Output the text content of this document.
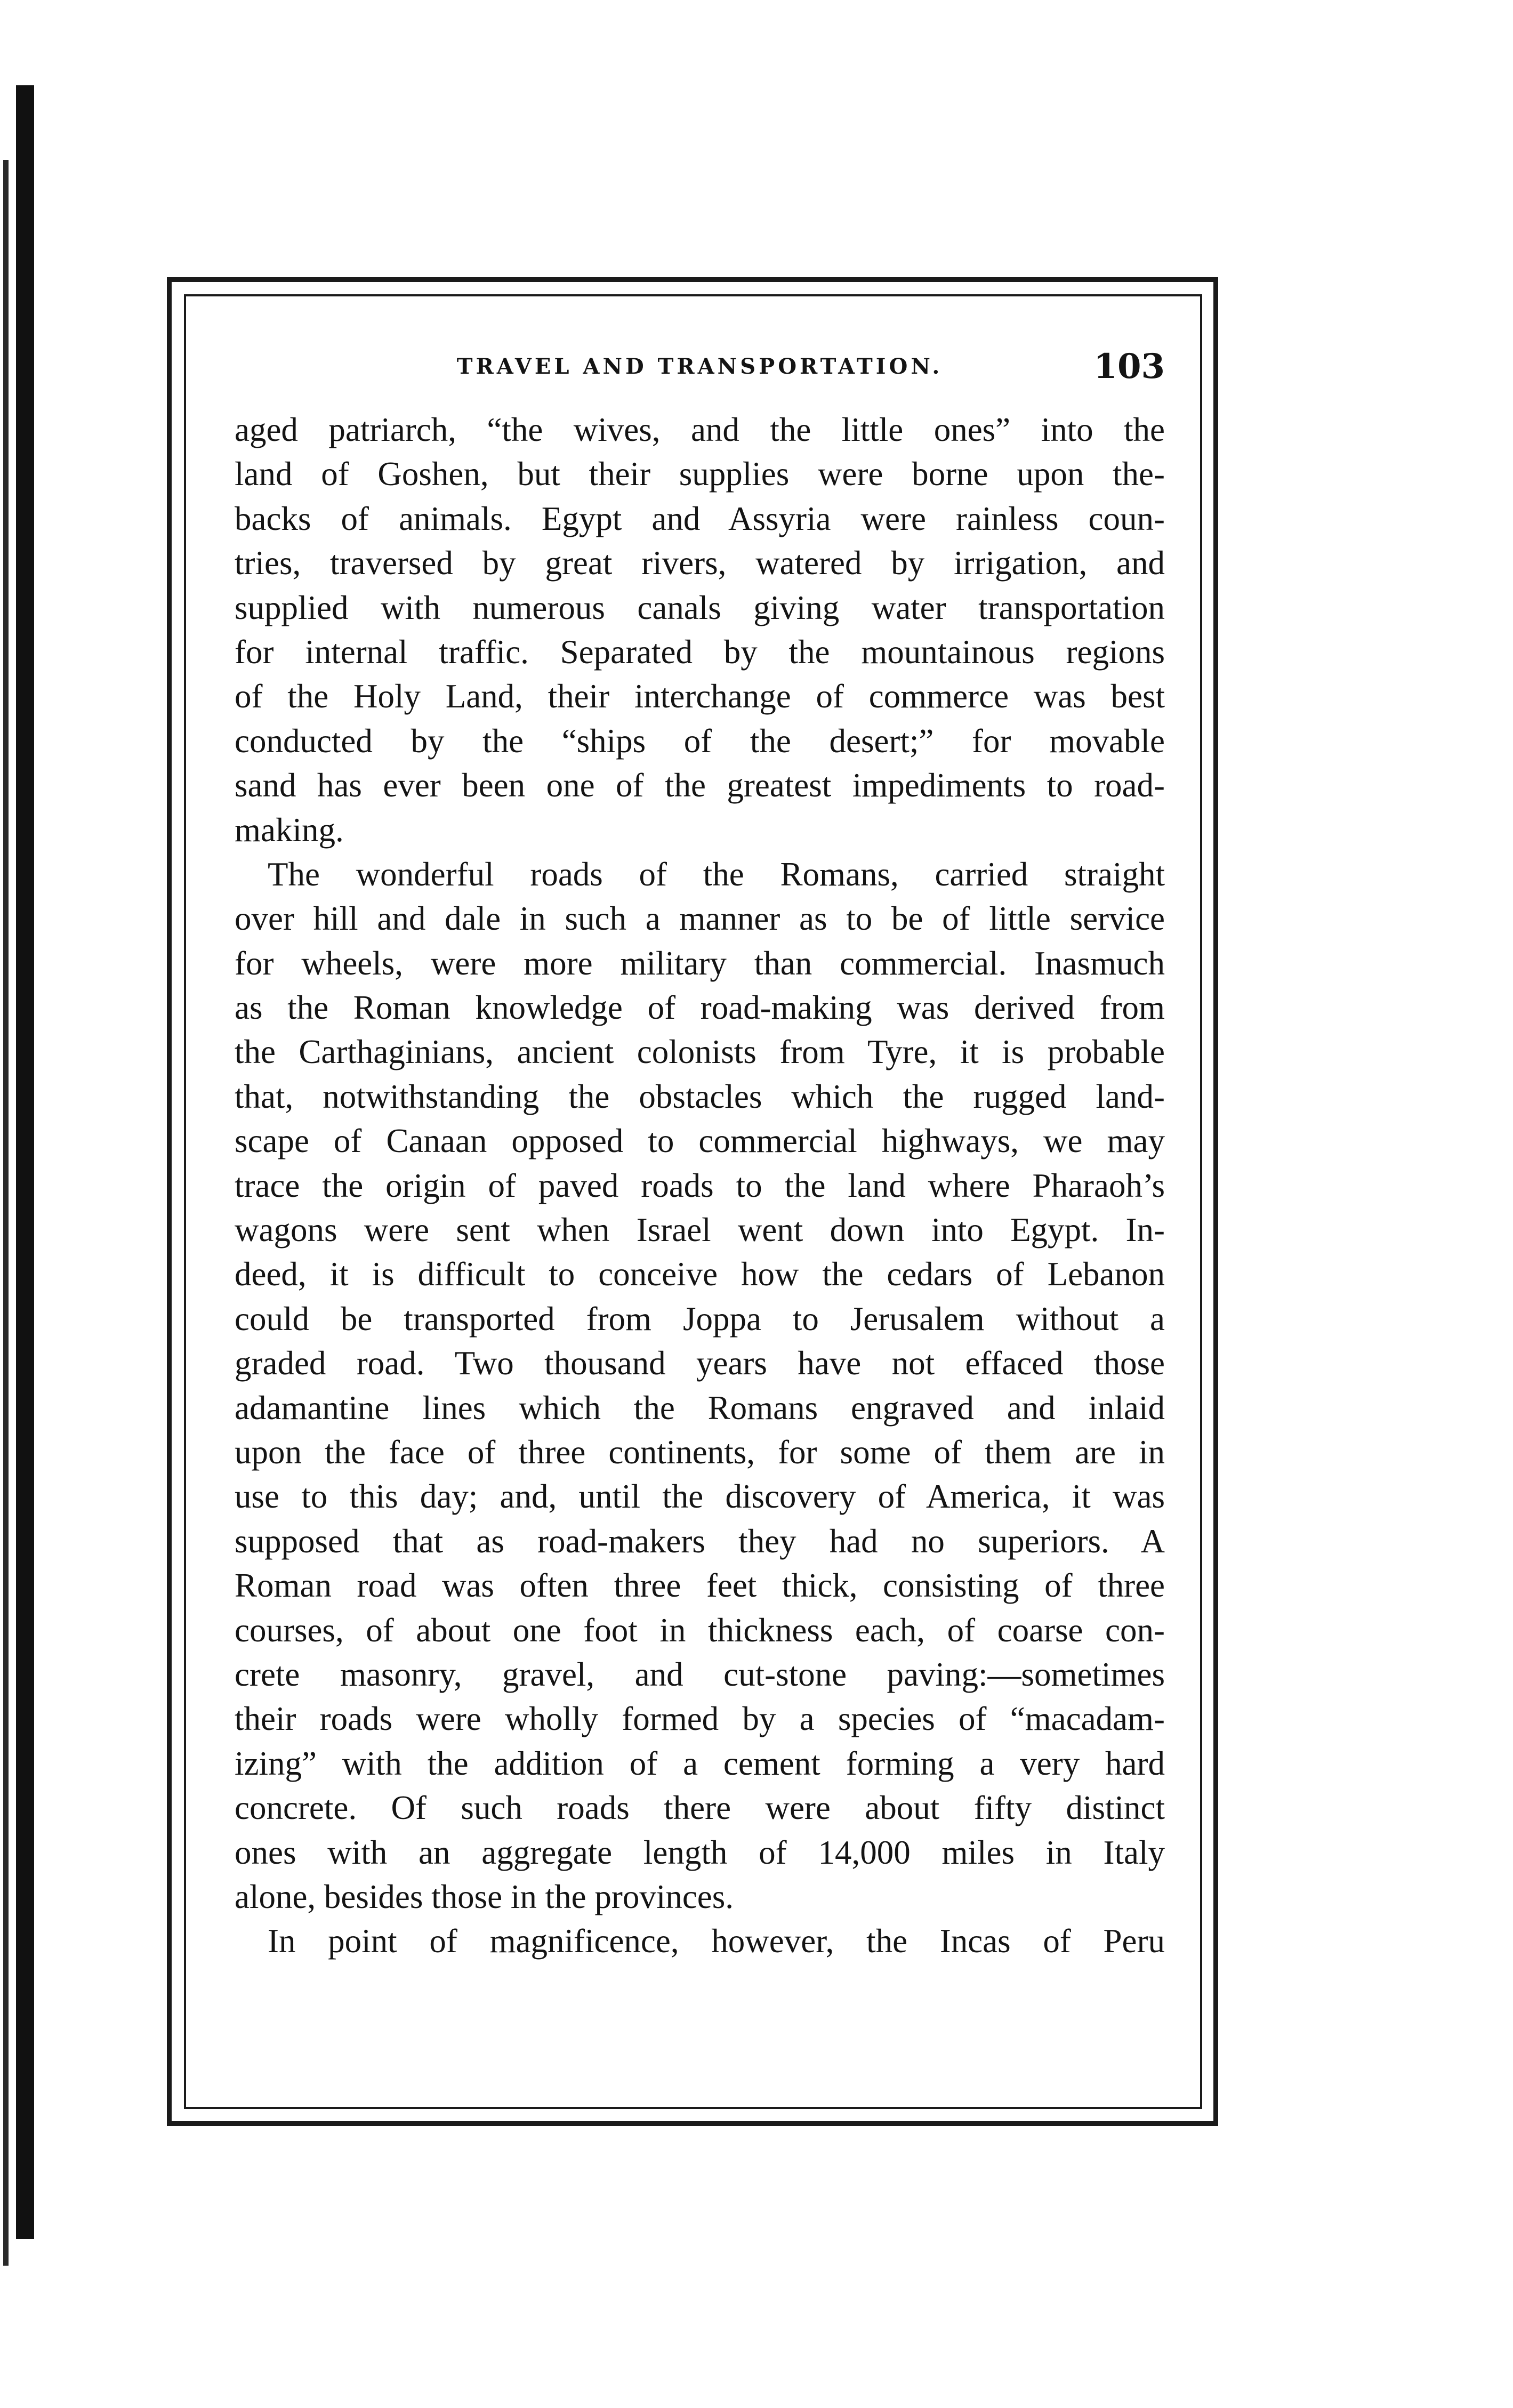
TRAVEL AND TRANSPORTATION.	103
aged patriarch, “the wives, and the little ones” into the
land of Goshen, but their supplies were borne upon the-
backs of animals. Egypt and Assyria were rainless coun-
tries, traversed by great rivers, watered by irrigation, and
supplied with numerous canals giving water transportation
for internal traffic. Separated by the mountainous regions
of the Holy Land, their interchange of commerce was best
conducted by the “ships of the desert;” for movable
sand has ever been one of the greatest impediments to road-
making.
The wonderful roads of the Romans, carried straight
over hill and dale in such a manner as to be of little service
for wheels, were more military than commercial. Inasmuch
as the Roman knowledge of road-making was derived from
the Carthaginians, ancient colonists from Tyre, it is probable
that, notwithstanding the obstacles which the rugged land-
scape of Canaan opposed to commercial highways, we may
trace the origin of paved roads to the land where Pharaoh’s
wagons were sent when Israel went down into Egypt. In-
deed, it is difficult to conceive how the cedars of Lebanon
could be transported from Joppa to Jerusalem without a
graded road. Two thousand years have not effaced those
adamantine lines which the Romans engraved and inlaid
upon the face of three continents, for some of them are in
use to this day; and, until the discovery of America, it was
supposed that as road-makers they had no superiors. A
Roman road was often three feet thick, consisting of three
courses, of about one foot in thickness each, of coarse con-
crete masonry, gravel, and cut-stone paving:—sometimes
their roads were wholly formed by a species of “macadam-
izing” with the addition of a cement forming a very hard
concrete. Of such roads there were about fifty distinct
ones with an aggregate length of 14,000 miles in Italy
alone, besides those in the provinces.
In point of magnificence, however, the Incas of Peru
